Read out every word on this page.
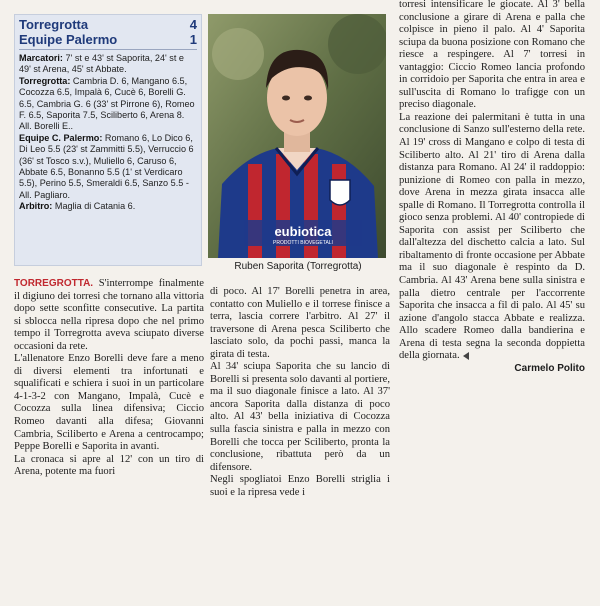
Torregrotta	4
Equipe Palermo	1

Marcatori: 7' st e 43' st Saporita, 24' st e 49' st Arena, 45' st Abbate.

Torregrotta: Cambria D. 6, Mangano 6.5, Cocozza 6.5, Impalà 6, Cucè 6, Borelli G. 6.5, Cambria G. 6 (33' st Pirrone 6), Romeo F. 6.5, Saporita 7.5, Sciliberto 6, Arena 8. All. Borelli E..

Equipe C. Palermo: Romano 6, Lo Dico 6, Di Leo 5.5 (23' st Zammitti 5.5), Verruccio 6 (36' st Tosco s.v.), Muliello 6, Caruso 6, Abbate 6.5, Bonanno 5.5 (1' st Verdicaro 5.5), Perino 5.5, Smeraldi 6.5, Sanzo 5.5 - All. Pagliaro.

Arbitro: Maglia di Catania 6.

eubiotica
PRODOTTI BIOVEGETALI
Ruben Saporita (Torregrotta)

TORREGROTTA. S'interrompe finalmente il digiuno dei torresi che tornano alla vittoria dopo sette sconfitte consecutive. La partita si sblocca nella ripresa dopo che nel primo tempo il Torregrotta aveva sciupato diverse occasioni da rete.

L'allenatore Enzo Borelli deve fare a meno di diversi elementi tra infortunati e squalificati e schiera i suoi in un particolare 4-1-3-2 con Mangano, Impalà, Cucè e Cocozza sulla linea difensiva; Ciccio Romeo davanti alla difesa; Giovanni Cambria, Sciliberto e Arena a centrocampo; Peppe Borelli e Saporita in avanti.

La cronaca si apre al 12' con un tiro di Arena, potente ma fuori

di poco. Al 17' Borelli penetra in area, contatto con Muliello e il torrese finisce a terra, lascia correre l'arbitro. Al 27' il traversone di Arena pesca Sciliberto che lasciato solo, da pochi passi, manca la girata di testa.

Al 34' sciupa Saporita che su lancio di Borelli si presenta solo davanti al portiere, ma il suo diagonale finisce a lato. Al 37' ancora Saporita dalla distanza di poco alto. Al 43' bella iniziativa di Cocozza sulla fascia sinistra e palla in mezzo con Borelli che tocca per Sciliberto, pronta la conclusione, ribattuta però da un difensore.

Negli spogliatoi Enzo Borelli striglia i suoi e la ripresa vede i

torresi intensificare le giocate. Al 3' bella conclusione a girare di Arena e palla che colpisce in pieno il palo. Al 4' Saporita sciupa da buona posizione con Romano che riesce a respingere. Al 7' torresi in vantaggio: Ciccio Romeo lancia profondo in corridoio per Saporita che entra in area e sull'uscita di Romano lo trafigge con un preciso diagonale.

La reazione dei palermitani è tutta in una conclusione di Sanzo sull'esterno della rete. Al 19' cross di Mangano e colpo di testa di Sciliberto alto. Al 21' tiro di Arena dalla distanza para Romano. Al 24' il raddoppio: punizione di Romeo con palla in mezzo, dove Arena in mezza girata insacca alle spalle di Romano. Il Torregrotta controlla il gioco senza problemi. Al 40' contropiede di Saporita con assist per Sciliberto che dall'altezza del dischetto calcia a lato. Sul ribaltamento di fronte occasione per Abbate ma il suo diagonale è respinto da D. Cambria. Al 43' Arena bene sulla sinistra e palla dietro centrale per l'accorrente Saporita che insacca a fil di palo. Al 45' su azione d'angolo stacca Abbate e realizza. Allo scadere Romeo dalla bandierina e Arena di testa segna la seconda doppietta della giornata.

Carmelo Polito
